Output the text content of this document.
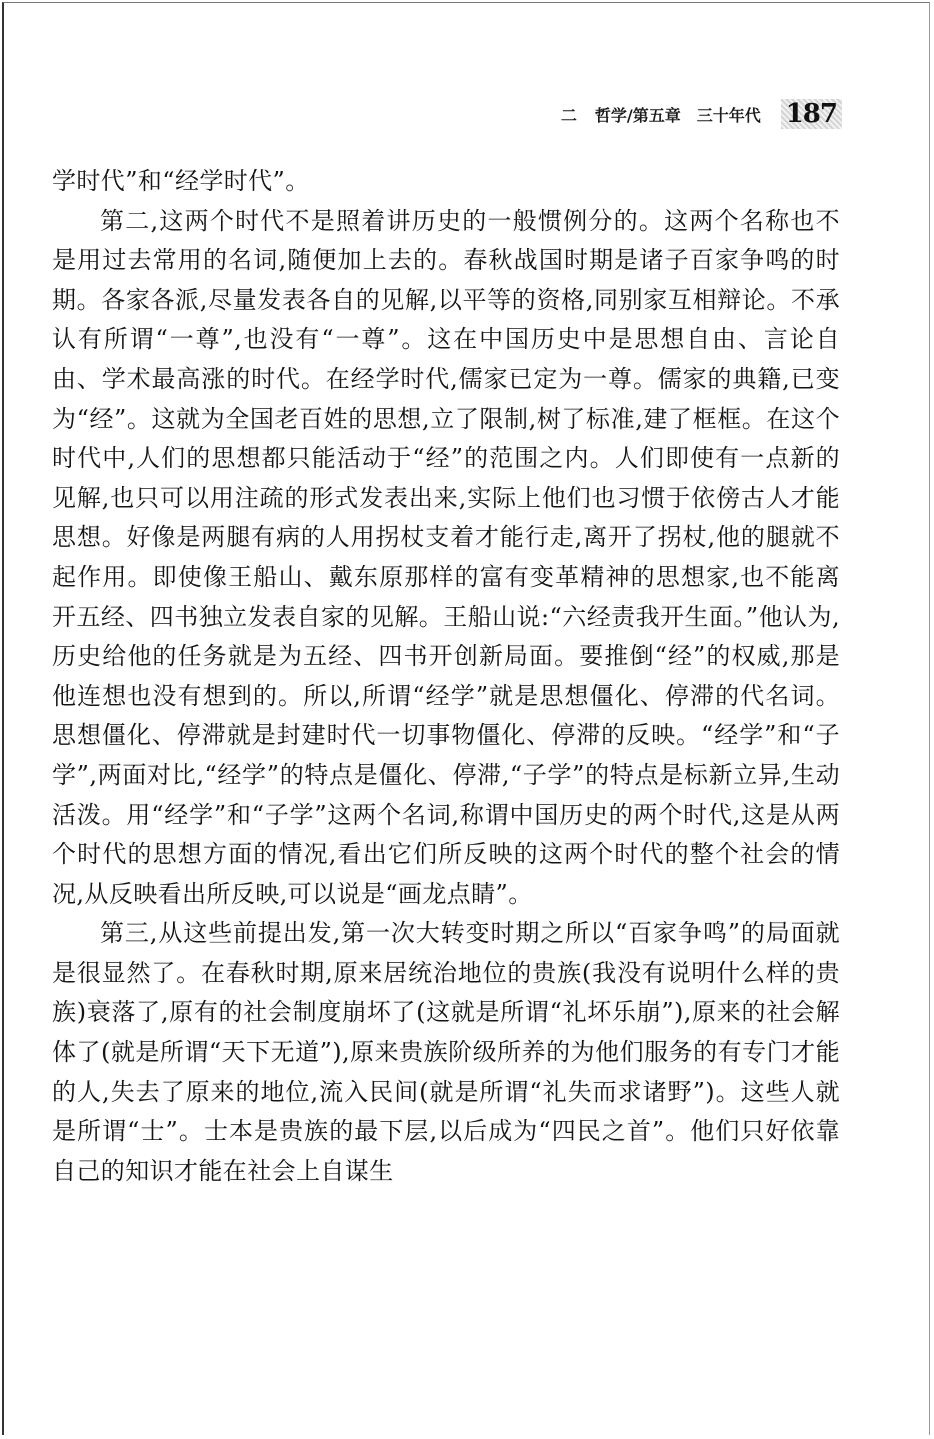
二 哲学/第五章　三十年代 187

学时代”和“经学时代”。

第二,这两个时代不是照着讲历史的一般惯例分的。这两个名称也不是用过去常用的名词,随便加上去的。春秋战国时期是诸子百家争鸣的时期。各家各派,尽量发表各自的见解,以平等的资格,同别家互相辩论。不承认有所谓“一尊”,也没有“一尊”。这在中国历史中是思想自由、言论自由、学术最高涨的时代。在经学时代,儒家已定为一尊。儒家的典籍,已变为“经”。这就为全国老百姓的思想,立了限制,树了标准,建了框框。在这个时代中,人们的思想都只能活动于“经”的范围之内。人们即使有一点新的见解,也只可以用注疏的形式发表出来,实际上他们也习惯于依傍古人才能思想。好像是两腿有病的人用拐杖支着才能行走,离开了拐杖,他的腿就不起作用。即使像王船山、戴东原那样的富有变革精神的思想家,也不能离开五经、四书独立发表自家的见解。王船山说:“六经责我开生面。”他认为,历史给他的任务就是为五经、四书开创新局面。要推倒“经”的权威,那是他连想也没有想到的。所以,所谓“经学”就是思想僵化、停滞的代名词。思想僵化、停滞就是封建时代一切事物僵化、停滞的反映。“经学”和“子学”,两面对比,“经学”的特点是僵化、停滞,“子学”的特点是标新立异,生动活泼。用“经学”和“子学”这两个名词,称谓中国历史的两个时代,这是从两个时代的思想方面的情况,看出它们所反映的这两个时代的整个社会的情况,从反映看出所反映,可以说是“画龙点睛”。

第三,从这些前提出发,第一次大转变时期之所以“百家争鸣”的局面就是很显然了。在春秋时期,原来居统治地位的贵族(我没有说明什么样的贵族)衰落了,原有的社会制度崩坏了(这就是所谓“礼坏乐崩”),原来的社会解体了(就是所谓“天下无道”),原来贵族阶级所养的为他们服务的有专门才能的人,失去了原来的地位,流入民间(就是所谓“礼失而求诸野”)。这些人就是所谓“士”。士本是贵族的最下层,以后成为“四民之首”。他们只好依靠自己的知识才能在社会上自谋生
